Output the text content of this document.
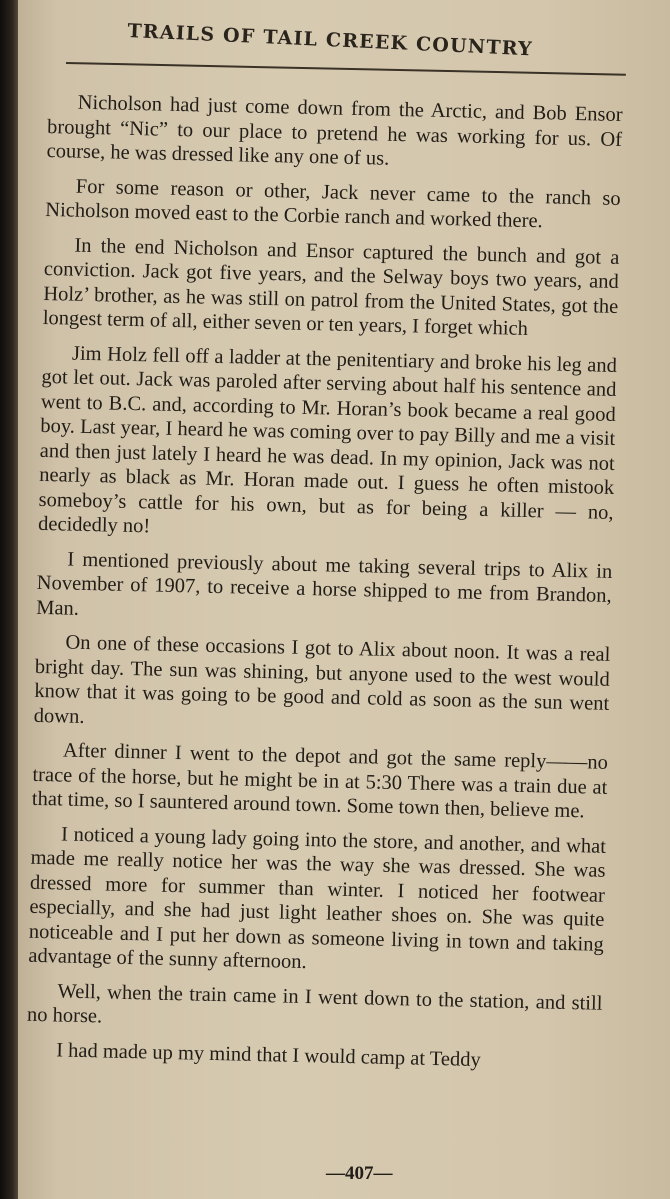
TRAILS OF TAIL CREEK COUNTRY

Nicholson had just come down from the Arctic, and Bob Ensor brought “Nic” to our place to pretend he was working for us. Of course, he was dressed like any one of us.

For some reason or other, Jack never came to the ranch so Nicholson moved east to the Corbie ranch and worked there.

In the end Nicholson and Ensor captured the bunch and got a conviction. Jack got five years, and the Selway boys two years, and Holz’ brother, as he was still on patrol from the United States, got the longest term of all, either seven or ten years, I forget which

Jim Holz fell off a ladder at the penitentiary and broke his leg and got let out. Jack was paroled after serving about half his sentence and went to B.C. and, according to Mr. Horan’s book became a real good boy. Last year, I heard he was coming over to pay Billy and me a visit and then just lately I heard he was dead. In my opinion, Jack was not nearly as black as Mr. Horan made out. I guess he often mistook someboy’s cattle for his own, but as for being a killer — no, decidedly no!

I mentioned previously about me taking several trips to Alix in November of 1907, to receive a horse shipped to me from Brandon, Man.

On one of these occasions I got to Alix about noon. It was a real bright day. The sun was shining, but anyone used to the west would know that it was going to be good and cold as soon as the sun went down.

After dinner I went to the depot and got the same reply——no trace of the horse, but he might be in at 5:30 There was a train due at that time, so I sauntered around town. Some town then, believe me.

I noticed a young lady going into the store, and another, and what made me really notice her was the way she was dressed. She was dressed more for summer than winter. I noticed her footwear especially, and she had just light leather shoes on. She was quite noticeable and I put her down as someone living in town and taking advantage of the sunny afternoon.

Well, when the train came in I went down to the station, and still no horse.

I had made up my mind that I would camp at Teddy

—407—
